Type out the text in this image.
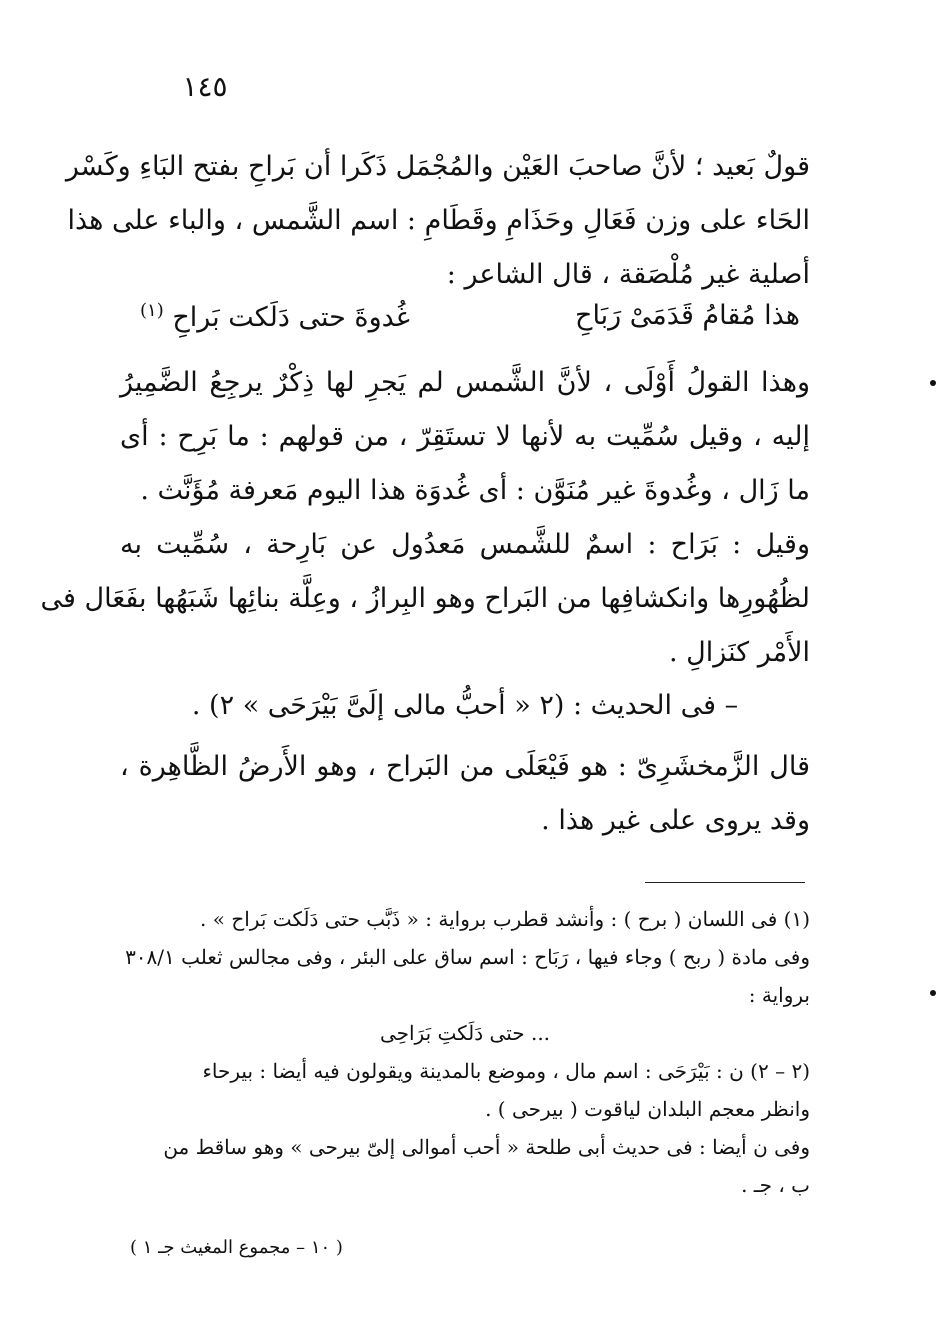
١٤٥
قولٌ بَعيد ؛ لأنَّ صاحبَ العَيْن والمُجْمَل ذَكَرا أن بَراحِ بفتح البَاءِ وكَسْر
الحَاء على وزن فَعَالِ وحَذَامِ وقَطَامِ : اسم الشَّمس ، والباء على هذا
أصلية غير مُلْصَقة ، قال الشاعر :
هذا مُقامُ قَدَمَىْ رَبَاحِ
غُدوةَ حتى دَلَكت بَراحِ $^{(١)}$
وهذا القولُ أَوْلَى ، لأنَّ الشَّمس لم يَجرِ لها ذِكْرٌ يرجِعُ الضَّمِيرُ
إليه ، وقيل سُمِّيت به لأنها لا تستَقِرّ ، من قولهم : ما بَرِح : أى
ما زَال ، وغُدوةَ غير مُنَوَّن : أى غُدوَة هذا اليوم مَعرفة مُؤَنَّث .
وقيل : بَرَاح : اسمٌ للشَّمس مَعدُول عن بَارِحة ، سُمِّيت به
لظُهُورِها وانكشافِها من البَراح وهو البِرازُ ، وعِلَّة بنائِها شَبَهُها بفَعَال فى
الأَمْر كنَزالِ .
– فى الحديث : (٢ « أحبُّ مالى إلَىَّ بَيْرَحَى » ٢) .
قال الزَّمخشَرِىّ : هو فَيْعَلَى من البَراح ، وهو الأَرضُ الظَّاهِرة ،
وقد يروى على غير هذا .
(١) فى اللسان ( برح ) : وأنشد قطرب برواية : « ذَبَّب حتى دَلَكت بَراح » .
وفى مادة ( ربح ) وجاء فيها ، رَبَاح : اسم ساق على البئر ، وفى مجالس ثعلب ٣٠٨/١
برواية :
... حتى دَلَكتِ بَرَاحِى
(٢ – ٢) ن : بَيْرَحَى : اسم مال ، وموضع بالمدينة ويقولون فيه أيضا : بيرحاء
وانظر معجم البلدان لياقوت ( بيرحى ) .
وفى ن أيضا : فى حديث أبى طلحة « أحب أموالى إلىّ بيرحى » وهو ساقط من
ب ، جـ .
( ١٠ – مجموع المغيث جـ ١ )
